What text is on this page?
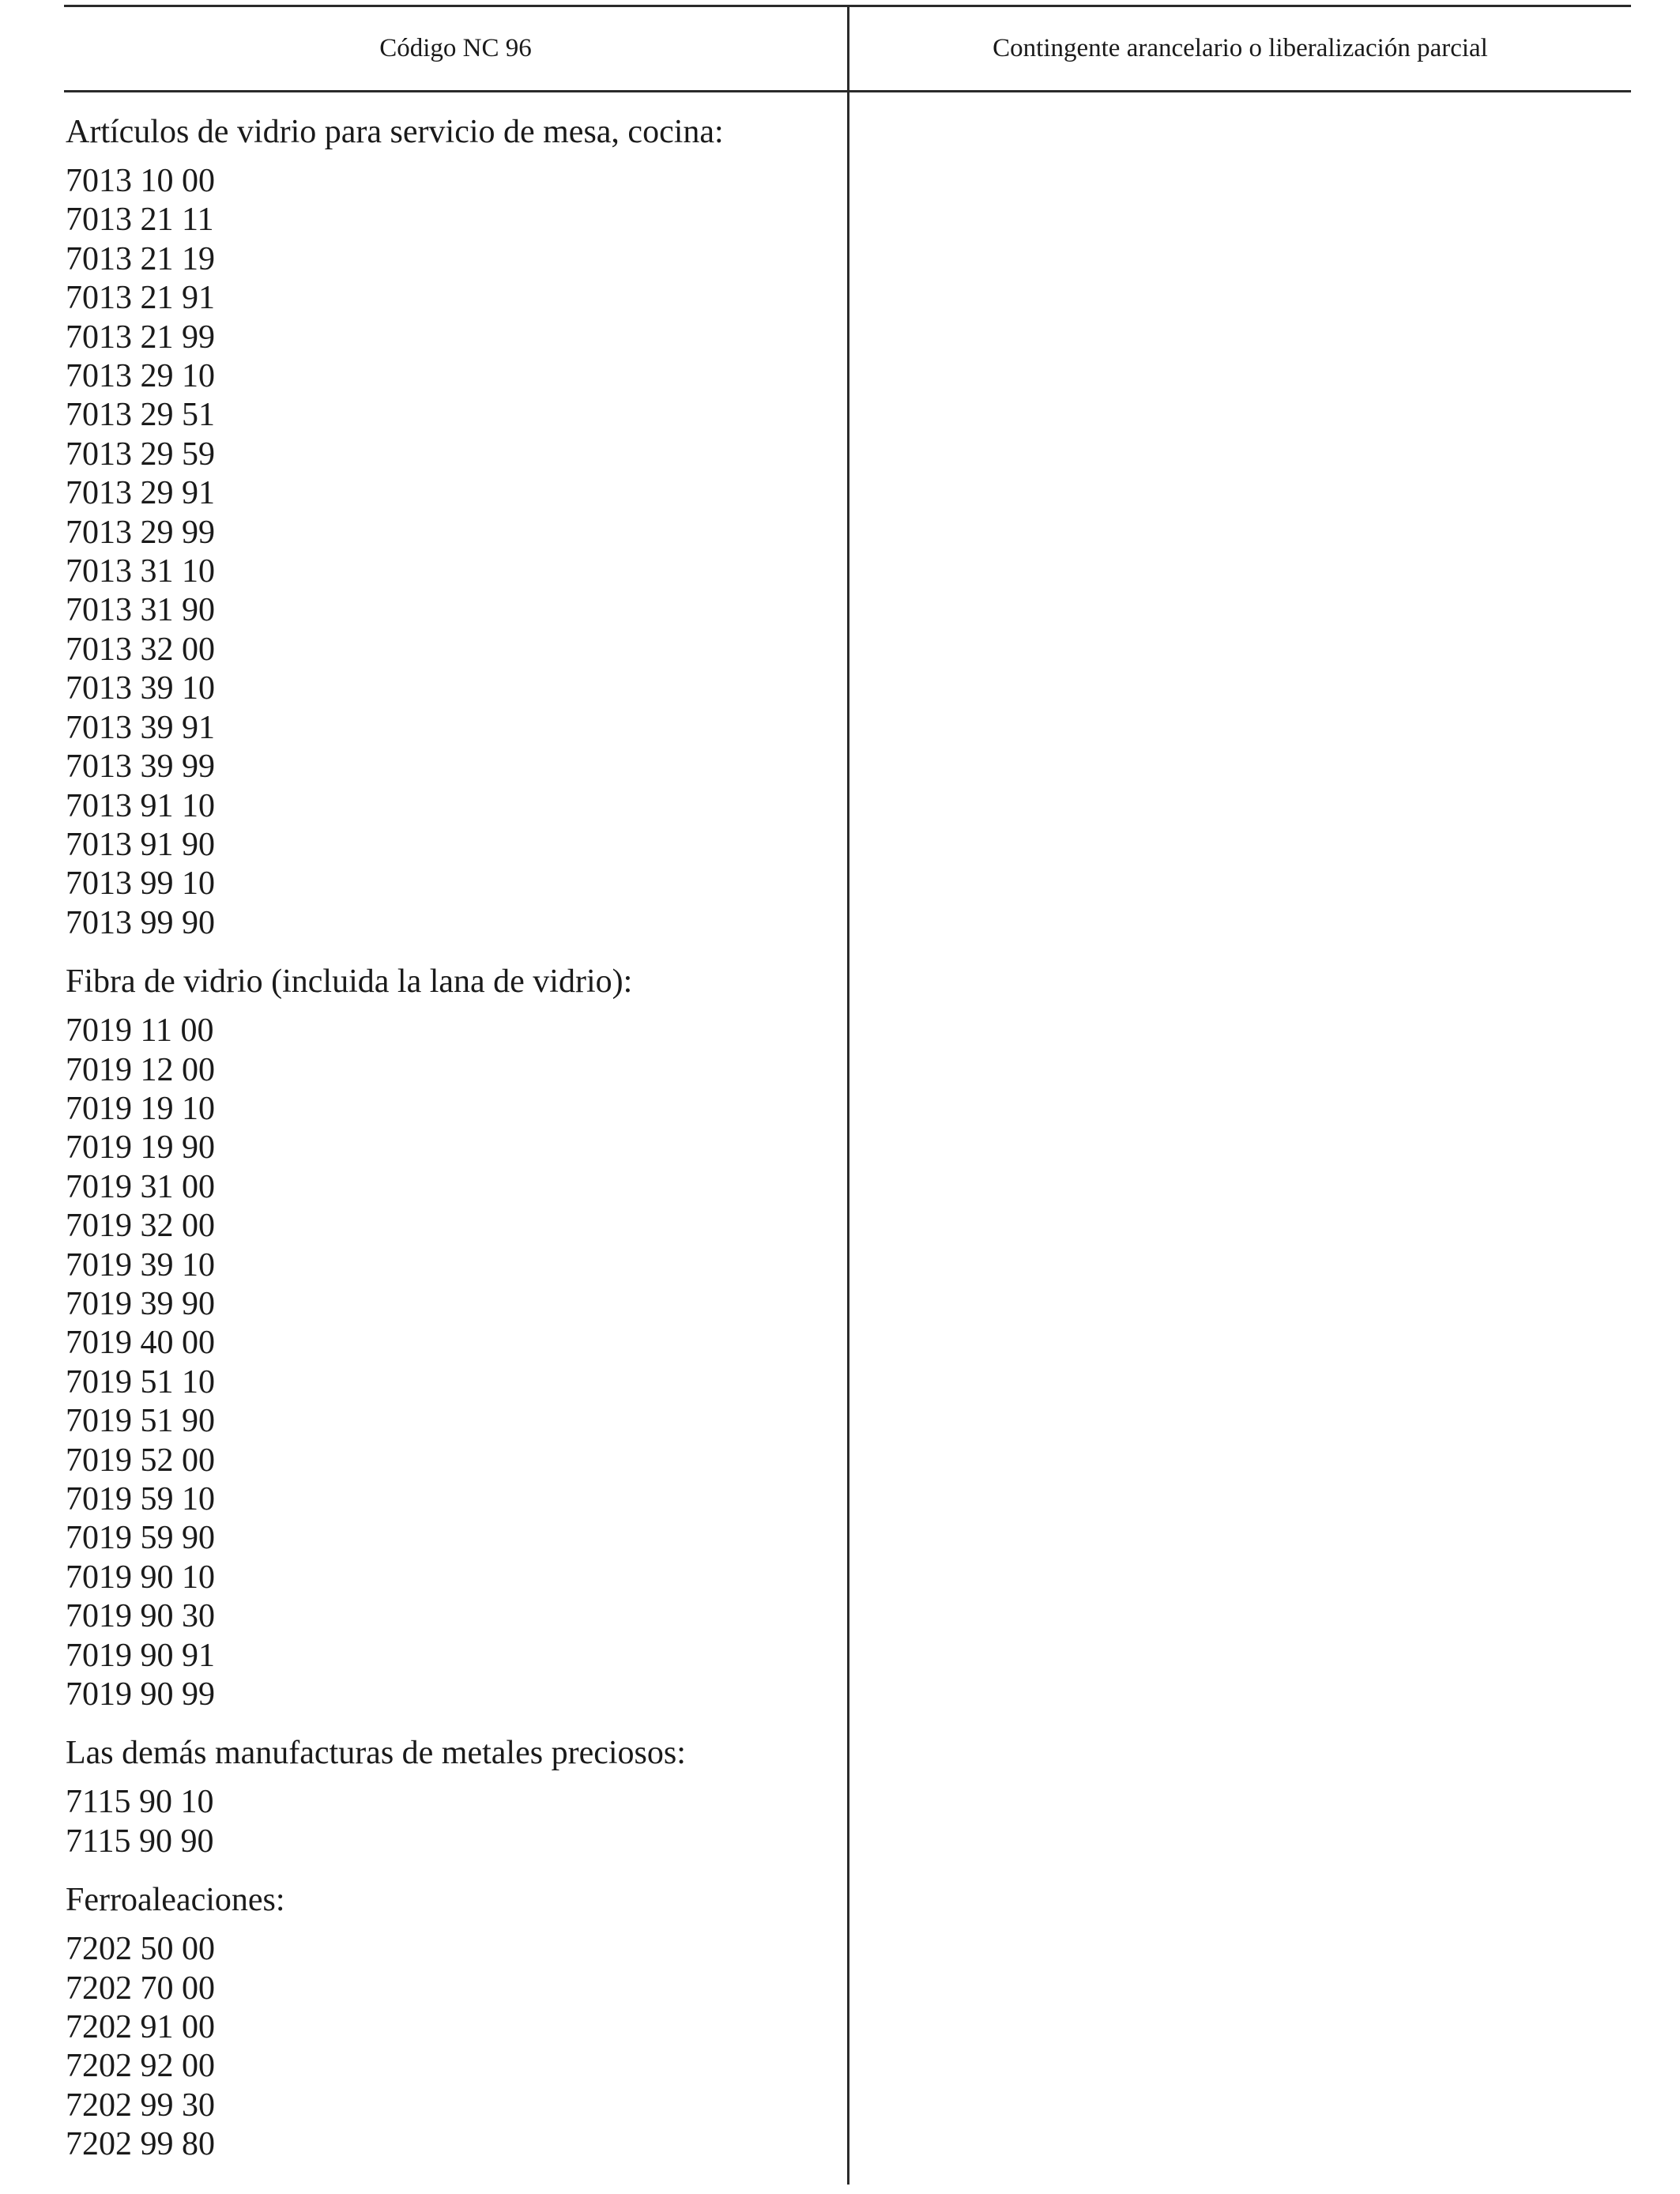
Código NC 96	Contingente arancelario o liberalización parcial
Artículos de vidrio para servicio de mesa, cocina:
7013 10 00
7013 21 11
7013 21 19
7013 21 91
7013 21 99
7013 29 10
7013 29 51
7013 29 59
7013 29 91
7013 29 99
7013 31 10
7013 31 90
7013 32 00
7013 39 10
7013 39 91
7013 39 99
7013 91 10
7013 91 90
7013 99 10
7013 99 90
Fibra de vidrio (incluida la lana de vidrio):
7019 11 00
7019 12 00
7019 19 10
7019 19 90
7019 31 00
7019 32 00
7019 39 10
7019 39 90
7019 40 00
7019 51 10
7019 51 90
7019 52 00
7019 59 10
7019 59 90
7019 90 10
7019 90 30
7019 90 91
7019 90 99
Las demás manufacturas de metales preciosos:
7115 90 10
7115 90 90
Ferroaleaciones:
7202 50 00
7202 70 00
7202 91 00
7202 92 00
7202 99 30
7202 99 80
